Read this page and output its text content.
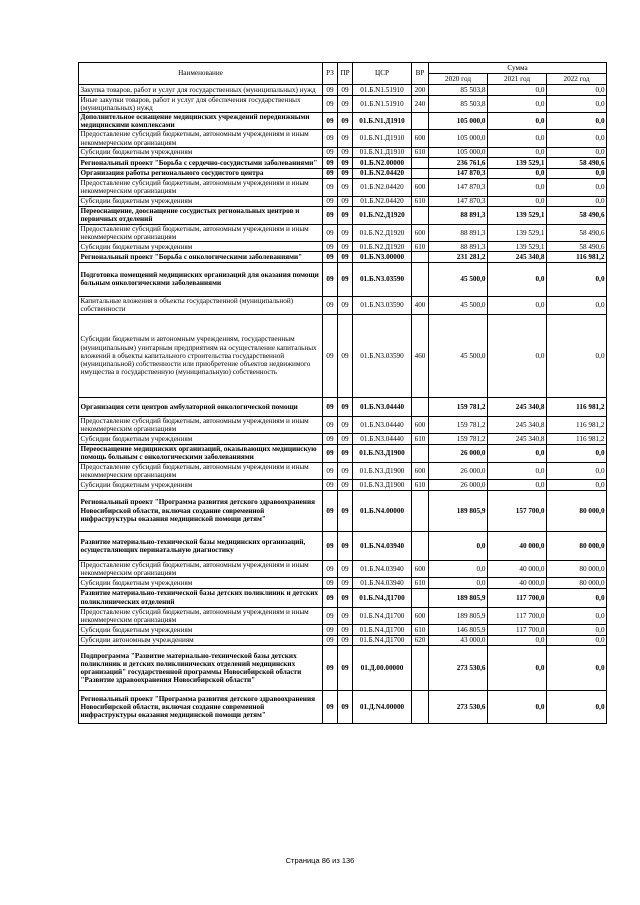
Наименование	РЗ	ПР	ЦСР	ВР	Сумма		
					2020 год	2021 год	2022 год
Закупка товаров, работ и услуг для государственных (муниципальных) нужд	09	09	01.Б.N1.51910	200	85 503,8	0,0	0,0
Иные закупки товаров, работ и услуг для обеспечения государственных (муниципальных) нужд	09	09	01.Б.N1.51910	240	85 503,8	0,0	0,0
Дополнительное оснащение медицинских учреждений передвижными медицинскими комплексами	09	09	01.Б.N1.Д1910		105 000,0	0,0	0,0
Предоставление субсидий бюджетным, автономным учреждениям и иным некоммерческим организациям	09	09	01.Б.N1.Д1910	600	105 000,0	0,0	0,0
Субсидии бюджетным учреждениям	09	09	01.Б.N1.Д1910	610	105 000,0	0,0	0,0
Региональный проект "Борьба с сердечно-сосудистыми заболеваниями"	09	09	01.Б.N2.00000		236 761,6	139 529,1	58 490,6
Организация работы регионального сосудистого центра	09	09	01.Б.N2.04420		147 870,3	0,0	0,0
Предоставление субсидий бюджетным, автономным учреждениям и иным некоммерческим организациям	09	09	01.Б.N2.04420	600	147 870,3	0,0	0,0
Субсидии бюджетным учреждениям	09	09	01.Б.N2.04420	610	147 870,3	0,0	0,0
Переоснащение, дооснащение сосудистых региональных центров и первичных отделений	09	09	01.Б.N2.Д1920		88 891,3	139 529,1	58 490,6
Предоставление субсидий бюджетным, автономным учреждениям и иным некоммерческим организациям	09	09	01.Б.N2.Д1920	600	88 891,3	139 529,1	58 490,6
Субсидии бюджетным учреждениям	09	09	01.Б.N2.Д1920	610	88 891,3	139 529,1	58 490,6
Региональный проект "Борьба с онкологическими заболеваниями"	09	09	01.Б.N3.00000		231 281,2	245 340,8	116 981,2
Подготовка помещений медицинских организаций для оказания помощи больным онкологическими заболеваниями	09	09	01.Б.N3.03590		45 500,0	0,0	0,0
Капитальные вложения в объекты государственной (муниципальной) собственности	09	09	01.Б.N3.03590	400	45 500,0	0,0	0,0
Субсидии бюджетным и автономным учреждениям, государственным (муниципальным) унитарным предприятиям на осуществление капитальных вложений в объекты капитального строительства государственной (муниципальной) собственности или приобретение объектов недвижимого имущества в государственную (муниципальную) собственность	09	09	01.Б.N3.03590	460	45 500,0	0,0	0,0
Организация сети центров амбулаторной онкологической помощи	09	09	01.Б.N3.04440		159 781,2	245 340,8	116 981,2
Предоставление субсидий бюджетным, автономным учреждениям и иным некоммерческим организациям	09	09	01.Б.N3.04440	600	159 781,2	245 340,8	116 981,2
Субсидии бюджетным учреждениям	09	09	01.Б.N3.04440	610	159 781,2	245 340,8	116 981,2
Переоснащение медицинских организаций, оказывающих медицинскую помощь больным с онкологическими заболеваниями	09	09	01.Б.N3.Д1900		26 000,0	0,0	0,0
Предоставление субсидий бюджетным, автономным учреждениям и иным некоммерческим организациям	09	09	01.Б.N3.Д1900	600	26 000,0	0,0	0,0
Субсидии бюджетным учреждениям	09	09	01.Б.N3.Д1900	610	26 000,0	0,0	0,0
Региональный проект "Программа развития детского здравоохранения Новосибирской области, включая создание современной инфраструктуры оказания медицинской помощи детям"	09	09	01.Б.N4.00000		189 805,9	157 700,0	80 000,0
Развитие материально-технической базы медицинских организаций, осуществляющих перинатальную диагностику	09	09	01.Б.N4.03940		0,0	40 000,0	80 000,0
Предоставление субсидий бюджетным, автономным учреждениям и иным некоммерческим организациям	09	09	01.Б.N4.03940	600	0,0	40 000,0	80 000,0
Субсидии бюджетным учреждениям	09	09	01.Б.N4.03940	610	0,0	40 000,0	80 000,0
Развитие материально-технической базы детских поликлиник и детских поликлинических отделений	09	09	01.Б.N4.Д1700		189 805,9	117 700,0	0,0
Предоставление субсидий бюджетным, автономным учреждениям и иным некоммерческим организациям	09	09	01.Б.N4.Д1700	600	189 805,9	117 700,0	0,0
Субсидии бюджетным учреждениям	09	09	01.Б.N4.Д1700	610	146 805,9	117 700,0	0,0
Субсидии автономным учреждениям	09	09	01.Б.N4.Д1700	620	43 000,0	0,0	0,0
Подпрограмма "Развитие материально-технической базы детских поликлиник и детских поликлинических отделений медицинских организаций" государственной программы Новосибирской области "Развитие здравоохранения Новосибирской области"	09	09	01.Д.00.00000		273 530,6	0,0	0,0
Региональный проект "Программа развития детского здравоохранения Новосибирской области, включая создание современной инфраструктуры оказания медицинской помощи детям"	09	09	01.Д.N4.00000		273 530,6	0,0	0,0
Страница 86 из 136
